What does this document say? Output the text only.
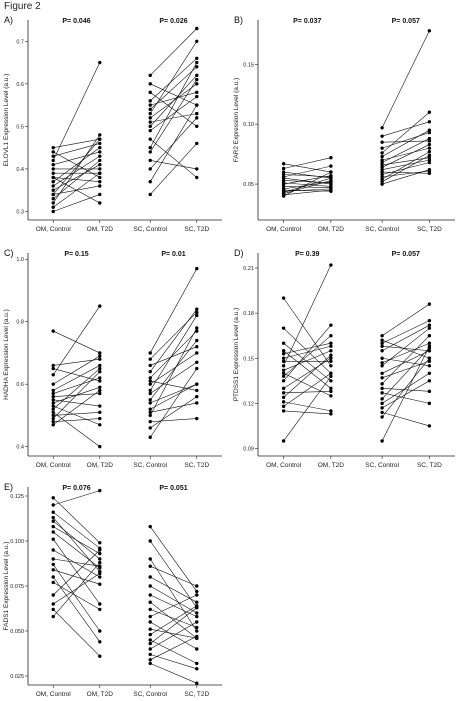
Figure 2
A)
0.3
0.4
0.5
0.6
0.7
ELOVL1 Expression Level (a.u.)
OM, Control OM, T2D	SC, Control	SC, T2D
P= 0.046	P= 0.026	B)
0.05
0.10
0.15
FAR2 Expression Level (a.u.)
OM, Control	OM, T2D	SC, Control	SC, T2D
P= 0.037	P= 0.057
C)
0.4
0.6
0.8
1.0
HADHA Expression Level (a.u.)
OM, Control OM, T2D	SC, Control	SC, T2D
P= 0.15	P= 0.01	D)
0.09
0.12
0.15
0.18
0.21
PTDSS1 Expression Level (a.u.)
OM, Control	OM, T2D	SC, Control	SC, T2D
P= 0.39	P= 0.057
E)
0.025
0.050
0.075
0.100
0.125
FADS1 Expression Level (a.u.)
OM, Control OM, T2D	SC, Control	SC, T2D
P= 0.076	P= 0.051
